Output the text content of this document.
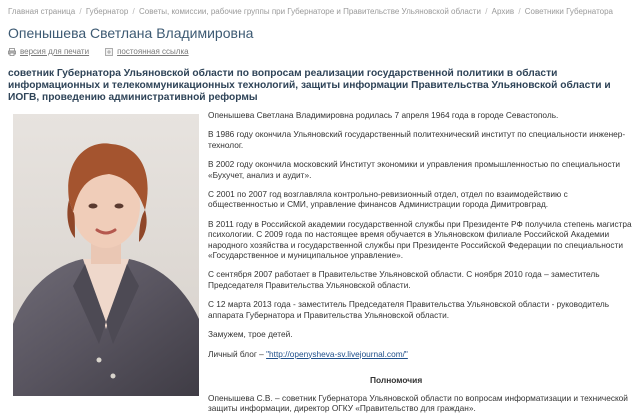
Главная страница / Губернатор / Советы, комиссии, рабочие группы при Губернаторе и Правительстве Ульяновской области / Архив / Советники Губернатора
Опенышева Светлана Владимировна
версия для печати	постоянная ссылка
советник Губернатора Ульяновской области по вопросам реализации государственной политики в области информационных и телекоммуникационных технологий, защиты информации Правительства Ульяновской области и ИОГВ, проведению административной реформы

Опенышева Светлана Владимировна родилась 7 апреля 1964 года в городе Севастополь.

В 1986 году окончила Ульяновский государственный политехнический институт по специальности инженер-технолог.

В 2002 году окончила московский Институт экономики и управления промышленностью по специальности «Бухучет, анализ и аудит».

С 2001 по 2007 год возглавляла контрольно-ревизионный отдел, отдел по взаимодействию с общественностью и СМИ, управление финансов Администрации города Димитровград.

В 2011 году в Российской академии государственной службы при Президенте РФ получила степень магистра психологии. С 2009 года по настоящее время обучается в Ульяновском филиале Российской Академии народного хозяйства и государственной службы при Президенте Российской Федерации по специальности «Государственное и муниципальное управление».

С сентября 2007 работает в Правительстве Ульяновской области. С ноября 2010 года – заместитель Председателя Правительства Ульяновской области.

С 12 марта 2013 года - заместитель Председателя Правительства Ульяновской области - руководитель аппарата Губернатора и Правительства Ульяновской области.

Замужем, трое детей.

Личный блог – "http://openysheva-sv.livejournal.com/"

Полномочия
Опенышева С.В. – советник Губернатора Ульяновской области по вопросам информатизации и технической защиты информации, директор ОГКУ «Правительство для граждан».
